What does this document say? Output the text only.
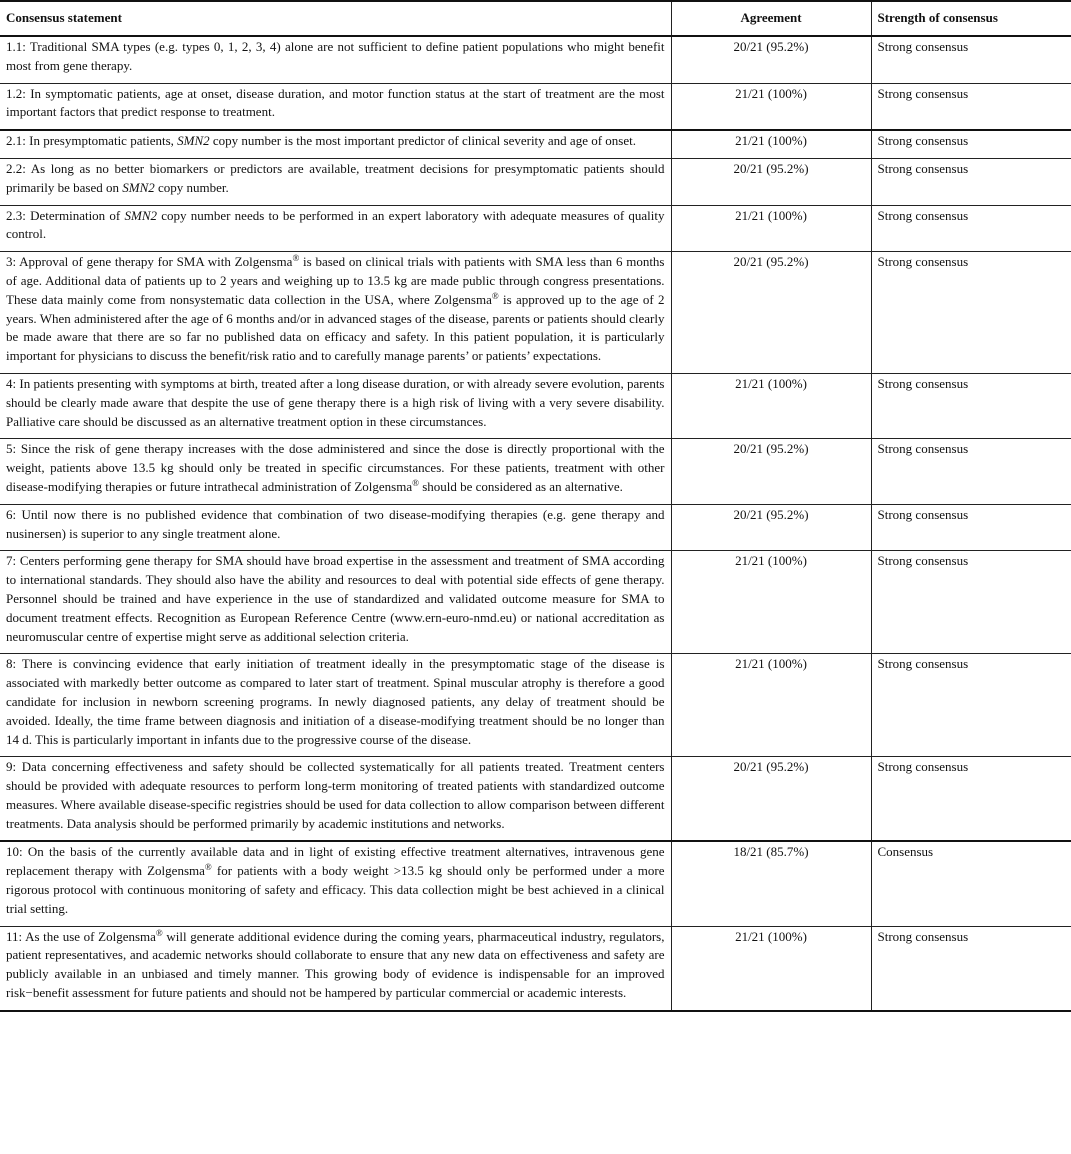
Consensus statement	Agreement	Strength of consensus
1.1: Traditional SMA types (e.g. types 0, 1, 2, 3, 4) alone are not sufficient to define patient populations who might benefit most from gene therapy.	20/21 (95.2%)	Strong consensus
1.2: In symptomatic patients, age at onset, disease duration, and motor function status at the start of treatment are the most important factors that predict response to treatment.	21/21 (100%)	Strong consensus
2.1: In presymptomatic patients, SMN2 copy number is the most important predictor of clinical severity and age of onset.	21/21 (100%)	Strong consensus
2.2: As long as no better biomarkers or predictors are available, treatment decisions for presymptomatic patients should primarily be based on SMN2 copy number.	20/21 (95.2%)	Strong consensus
2.3: Determination of SMN2 copy number needs to be performed in an expert laboratory with adequate measures of quality control.	21/21 (100%)	Strong consensus
3: Approval of gene therapy for SMA with Zolgensma® is based on clinical trials with patients with SMA less than 6 months of age. Additional data of patients up to 2 years and weighing up to 13.5 kg are made public through congress presentations. These data mainly come from nonsystematic data collection in the USA, where Zolgensma® is approved up to the age of 2 years. When administered after the age of 6 months and/or in advanced stages of the disease, parents or patients should clearly be made aware that there are so far no published data on efficacy and safety. In this patient population, it is particularly important for physicians to discuss the benefit/risk ratio and to carefully manage parents’ or patients’ expectations.	20/21 (95.2%)	Strong consensus
4: In patients presenting with symptoms at birth, treated after a long disease duration, or with already severe evolution, parents should be clearly made aware that despite the use of gene therapy there is a high risk of living with a very severe disability. Palliative care should be discussed as an alternative treatment option in these circumstances.	21/21 (100%)	Strong consensus
5: Since the risk of gene therapy increases with the dose administered and since the dose is directly proportional with the weight, patients above 13.5 kg should only be treated in specific circumstances. For these patients, treatment with other disease-modifying therapies or future intrathecal administration of Zolgensma® should be considered as an alternative.	20/21 (95.2%)	Strong consensus
6: Until now there is no published evidence that combination of two disease-modifying therapies (e.g. gene therapy and nusinersen) is superior to any single treatment alone.	20/21 (95.2%)	Strong consensus
7: Centers performing gene therapy for SMA should have broad expertise in the assessment and treatment of SMA according to international standards. They should also have the ability and resources to deal with potential side effects of gene therapy. Personnel should be trained and have experience in the use of standardized and validated outcome measure for SMA to document treatment effects. Recognition as European Reference Centre (www.ern-euro-nmd.eu) or national accreditation as neuromuscular centre of expertise might serve as additional selection criteria.	21/21 (100%)	Strong consensus
8: There is convincing evidence that early initiation of treatment ideally in the presymptomatic stage of the disease is associated with markedly better outcome as compared to later start of treatment. Spinal muscular atrophy is therefore a good candidate for inclusion in newborn screening programs. In newly diagnosed patients, any delay of treatment should be avoided. Ideally, the time frame between diagnosis and initiation of a disease-modifying treatment should be no longer than 14 d. This is particularly important in infants due to the progressive course of the disease.	21/21 (100%)	Strong consensus
9: Data concerning effectiveness and safety should be collected systematically for all patients treated. Treatment centers should be provided with adequate resources to perform long-term monitoring of treated patients with standardized outcome measures. Where available disease-specific registries should be used for data collection to allow comparison between different treatments. Data analysis should be performed primarily by academic institutions and networks.	20/21 (95.2%)	Strong consensus
10: On the basis of the currently available data and in light of existing effective treatment alternatives, intravenous gene replacement therapy with Zolgensma® for patients with a body weight >13.5 kg should only be performed under a more rigorous protocol with continuous monitoring of safety and efficacy. This data collection might be best achieved in a clinical trial setting.	18/21 (85.7%)	Consensus
11: As the use of Zolgensma® will generate additional evidence during the coming years, pharmaceutical industry, regulators, patient representatives, and academic networks should collaborate to ensure that any new data on effectiveness and safety are publicly available in an unbiased and timely manner. This growing body of evidence is indispensable for an improved risk−benefit assessment for future patients and should not be hampered by particular commercial or academic interests.	21/21 (100%)	Strong consensus
